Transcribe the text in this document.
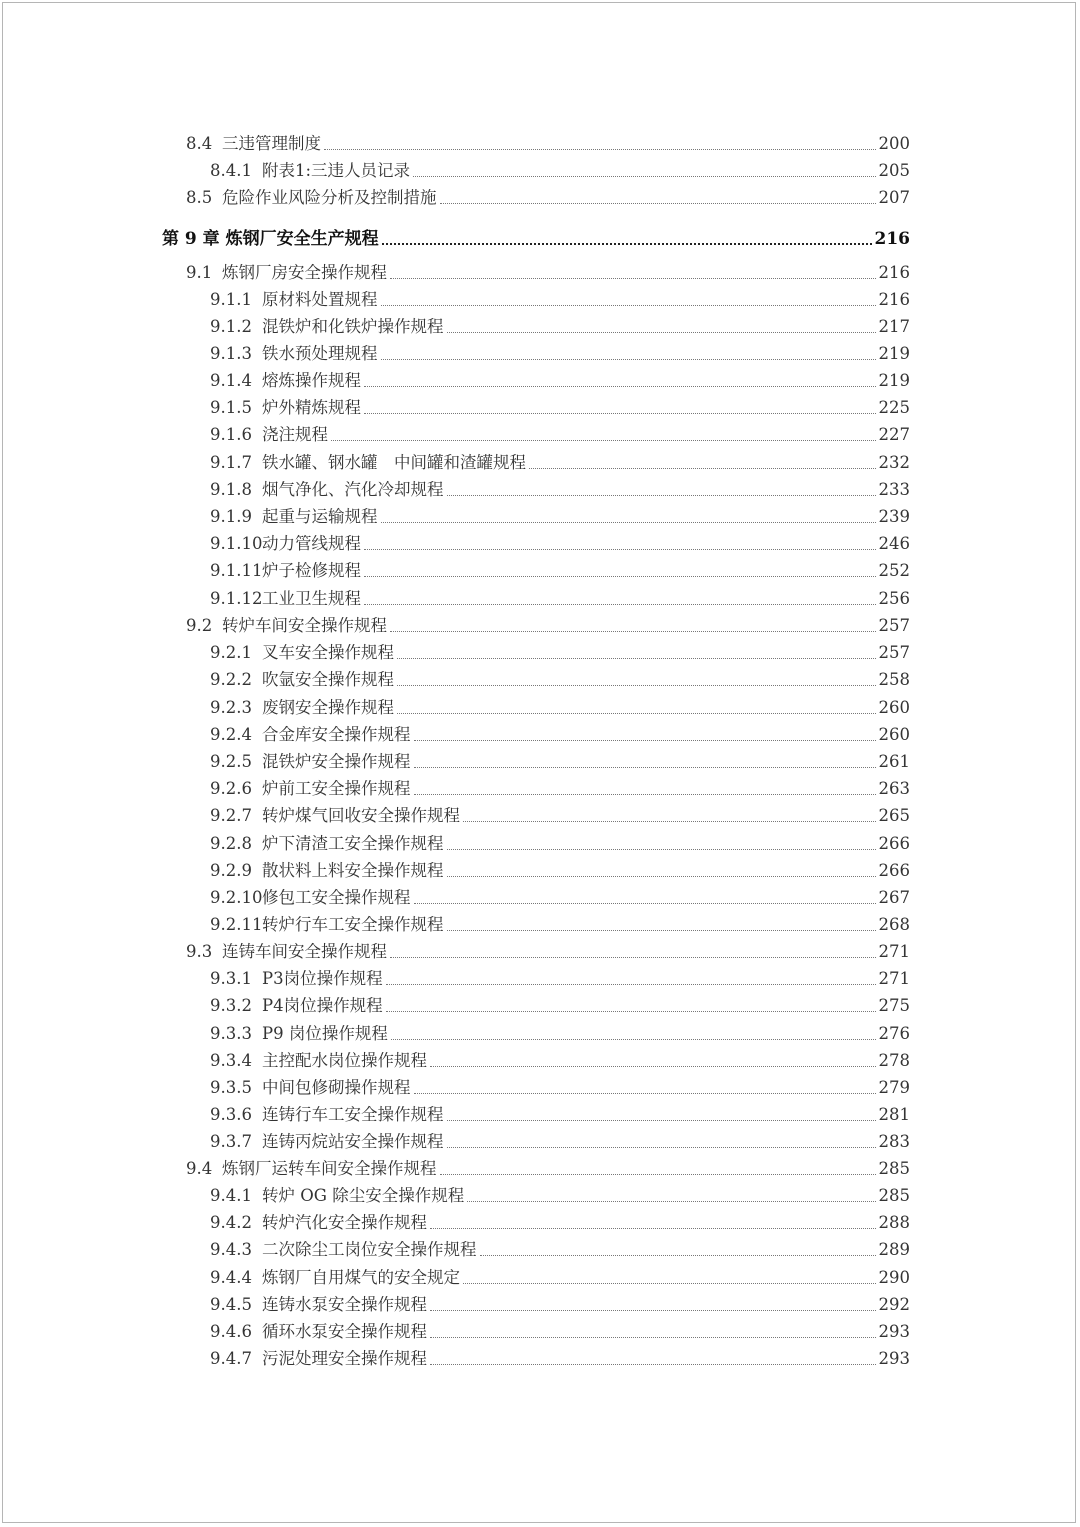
8.4 三违管理制度	200
8.4.1 附表1:三违人员记录	205
8.5 危险作业风险分析及控制措施	207
第 9 章 炼钢厂安全生产规程	216
9.1 炼钢厂房安全操作规程	216
9.1.1 原材料处置规程	216
9.1.2 混铁炉和化铁炉操作规程	217
9.1.3 铁水预处理规程	219
9.1.4 熔炼操作规程	219
9.1.5 炉外精炼规程	225
9.1.6 浇注规程	227
9.1.7 铁水罐、钢水罐　中间罐和渣罐规程	232
9.1.8 烟气净化、汽化冷却规程	233
9.1.9 起重与运输规程	239
9.1.10 动力管线规程	246
9.1.11 炉子检修规程	252
9.1.12 工业卫生规程	256
9.2 转炉车间安全操作规程	257
9.2.1 叉车安全操作规程	257
9.2.2 吹氩安全操作规程	258
9.2.3 废钢安全操作规程	260
9.2.4 合金库安全操作规程	260
9.2.5 混铁炉安全操作规程	261
9.2.6 炉前工安全操作规程	263
9.2.7 转炉煤气回收安全操作规程	265
9.2.8 炉下清渣工安全操作规程	266
9.2.9 散状料上料安全操作规程	266
9.2.10 修包工安全操作规程	267
9.2.11 转炉行车工安全操作规程	268
9.3 连铸车间安全操作规程	271
9.3.1 P3岗位操作规程	271
9.3.2 P4岗位操作规程	275
9.3.3 P9 岗位操作规程	276
9.3.4 主控配水岗位操作规程	278
9.3.5 中间包修砌操作规程	279
9.3.6 连铸行车工安全操作规程	281
9.3.7 连铸丙烷站安全操作规程	283
9.4 炼钢厂运转车间安全操作规程	285
9.4.1 转炉 OG 除尘安全操作规程	285
9.4.2 转炉汽化安全操作规程	288
9.4.3 二次除尘工岗位安全操作规程	289
9.4.4 炼钢厂自用煤气的安全规定	290
9.4.5 连铸水泵安全操作规程	292
9.4.6 循环水泵安全操作规程	293
9.4.7 污泥处理安全操作规程	293
